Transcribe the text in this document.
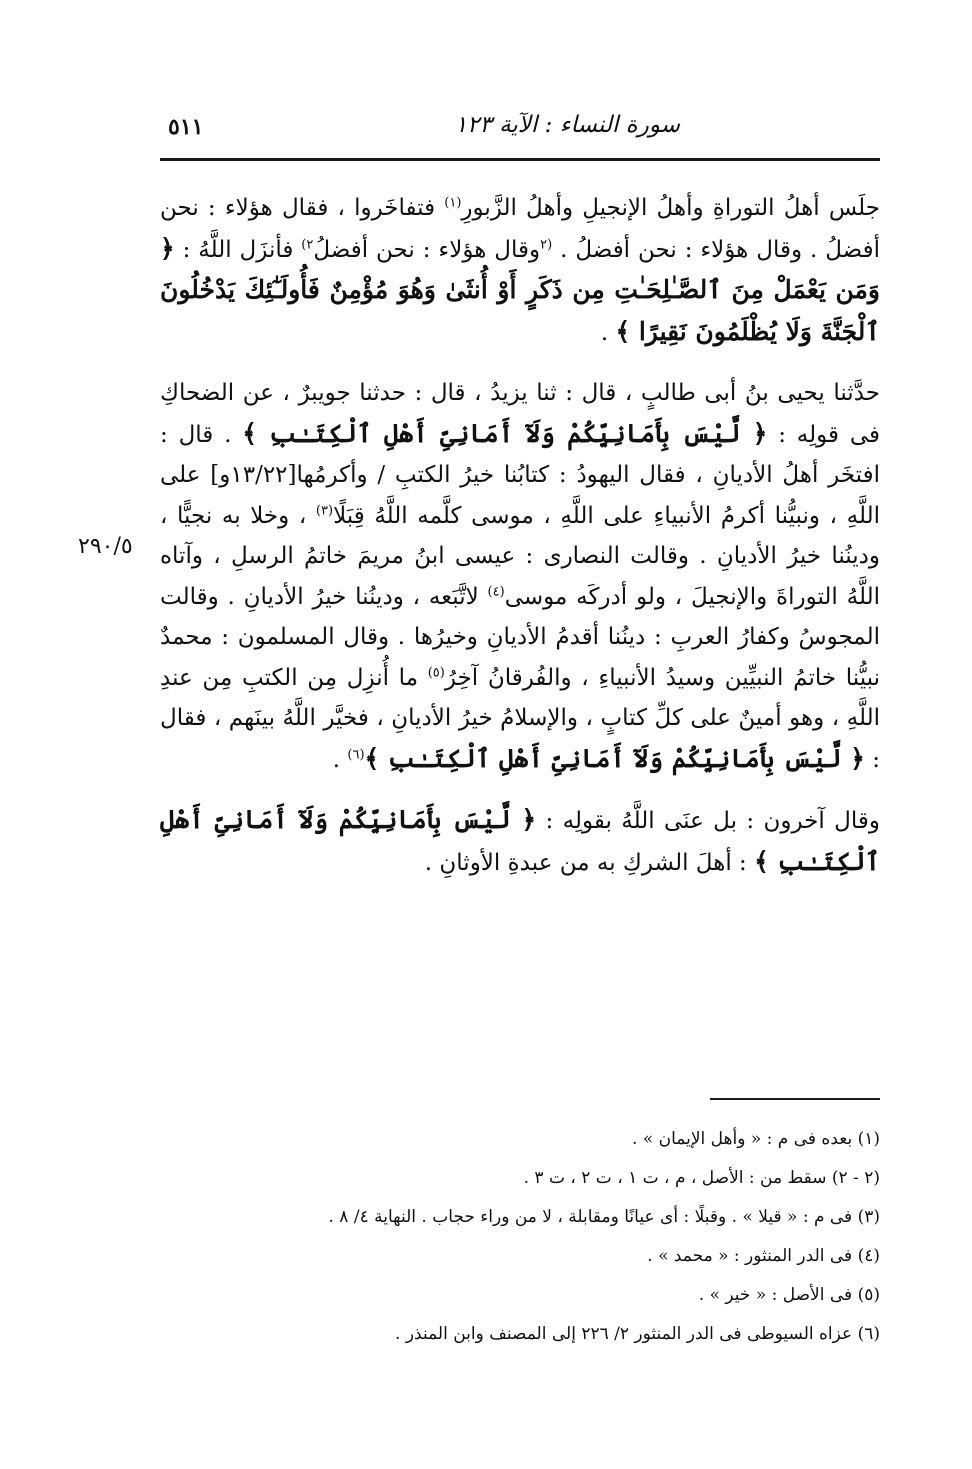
سورة النساء : الآية ١٢٣
٥١١
٢٩٠/٥

جلَس أهلُ التوراةِ وأهلُ الإنجيلِ وأهلُ الزَّبورِ$^{(١)}$ فتفاخَروا ، فقال هؤلاء : نحن أفضلُ . وقال هؤلاء : نحن أفضلُ . $^{(٢}$وقال هؤلاء : نحن أفضلُ$^{٢)}$ فأنزَل اللَّهُ : ﴿ وَمَن يَعْمَلْ مِنَ ٱلصَّـٰلِحَـٰتِ مِن ذَكَرٍ أَوْ أُنثَىٰ وَهُوَ مُؤْمِنٌ فَأُولَـٰٓئِكَ يَدْخُلُونَ ٱلْجَنَّةَ وَلَا يُظْلَمُونَ نَقِيرًا ﴾ .

حدَّثنا يحيى بنُ أبى طالبٍ ، قال : ثنا يزيدُ ، قال : حدثنا جويبرٌ ، عن الضحاكِ فى قولِه : ﴿ لَّيْسَ بِأَمَانِيِّكُمْ وَلَآ أَمَانِىِّ أَهْلِ ٱلْكِتَـٰبِ ﴾ . قال : افتخَر أهلُ الأديانِ ، فقال اليهودُ : كتابُنا خيرُ الكتبِ / وأكرمُها[١٣/٢٢و] على اللَّهِ ، ونبيُّنا أكرمُ الأنبياءِ على اللَّهِ ، موسى كلَّمه اللَّهُ قِبَلًا$^{(٣)}$ ، وخلا به نجيًّا ، ودينُنا خيرُ الأديانِ . وقالت النصارى : عيسى ابنُ مريمَ خاتمُ الرسلِ ، وآتاه اللَّهُ التوراةَ والإنجيلَ ، ولو أدركَه موسى$^{(٤)}$ لاتَّبَعه ، ودينُنا خيرُ الأديانِ . وقالت المجوسُ وكفارُ العربِ : دينُنا أقدمُ الأديانِ وخيرُها . وقال المسلمون : محمدٌ نبيُّنا خاتمُ النبيِّين وسيدُ الأنبياءِ ، والفُرقانُ آخِرُ$^{(٥)}$ ما أُنزِل مِن الكتبِ مِن عندِ اللَّهِ ، وهو أمينٌ على كلِّ كتابٍ ، والإسلامُ خيرُ الأديانِ ، فخيَّر اللَّهُ بينَهم ، فقال : ﴿ لَّيْسَ بِأَمَانِيِّكُمْ وَلَآ أَمَانِىِّ أَهْلِ ٱلْكِتَـٰبِ ﴾$^{(٦)}$ .

وقال آخرون : بل عنَى اللَّهُ بقولِه : ﴿ لَّيْسَ بِأَمَانِيِّكُمْ وَلَآ أَمَانِىِّ أَهْلِ ٱلْكِتَـٰبِ ﴾ : أهلَ الشركِ به من عبدةِ الأوثانِ .

(١) بعده فى م : « وأهل الإيمان » .

(٢ - ٢) سقط من : الأصل ، م ، ت ١ ، ت ٢ ، ت ٣ .

(٣) فى م : « قيلا » . وقبلًا : أى عيانًا ومقابلة ، لا من وراء حجاب . النهاية ٤/ ٨ .

(٤) فى الدر المنثور : « محمد » .

(٥) فى الأصل : « خير » .

(٦) عزاه السيوطى فى الدر المنثور ٢/ ٢٢٦ إلى المصنف وابن المنذر .
